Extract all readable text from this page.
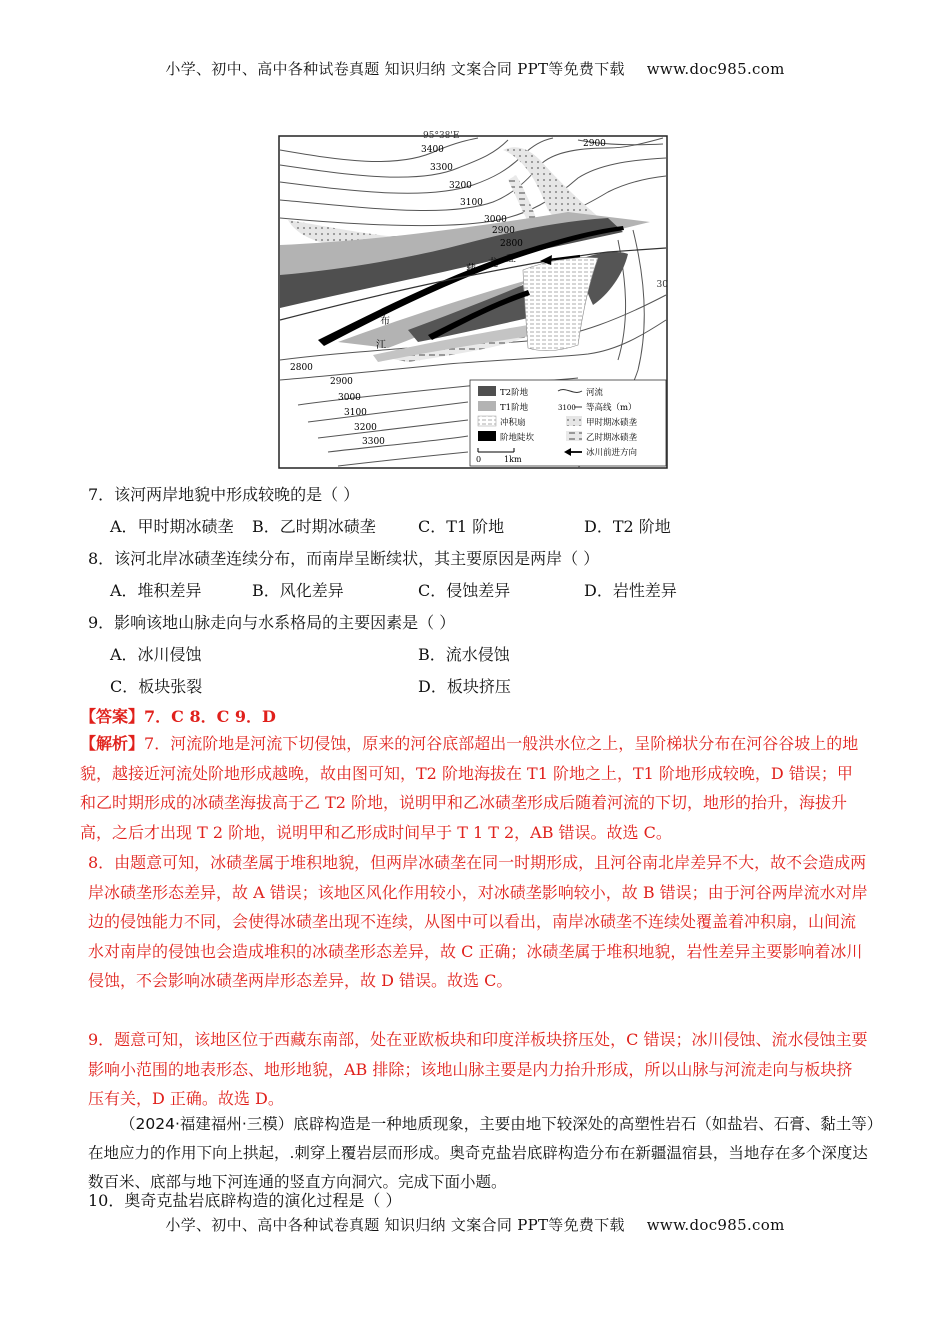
小学、初中、高中各种试卷真题 知识归纳 文案合同 PPT等免费下载 www.doc985.com
95°38'E
30
2900
3400
3300
3200
3100
3000
2900
2800
2800
2900
3000
3100
3200
3300
藏
龙 亚
江
布
T2阶地	河流
T1阶地	3100 等高线（m）
冲积扇	甲时期冰碛垄
阶地陡坎	乙时期冰碛垄
冰川前进方向
0	1km
7．该河两岸地貌中形成较晚的是（ ）
A．甲时期冰碛垄 B．乙时期冰碛垄	C．T1 阶地	D．T2 阶地
8．该河北岸冰碛垄连续分布，而南岸呈断续状，其主要原因是两岸（ ）
A．堆积差异	B．风化差异	C．侵蚀差异	D．岩性差异
9．影响该地山脉走向与水系格局的主要因素是（ ）
A．冰川侵蚀	B．流水侵蚀
C．板块张裂	D．板块挤压
【答案】7．C 8．C 9．D
【解析】7．河流阶地是河流下切侵蚀，原来的河谷底部超出一般洪水位之上，呈阶梯状分布在河谷谷坡上的地貌，越接近河流处阶地形成越晚，故由图可知，T2 阶地海拔在 T1 阶地之上，T1 阶地形成较晚，D 错误；甲和乙时期形成的冰碛垄海拔高于乙 T2 阶地，说明甲和乙冰碛垄形成后随着河流的下切，地形的抬升，海拔升高，之后才出现 T 2 阶地，说明甲和乙形成时间早于 T 1 T 2，AB 错误。故选 C。
8．由题意可知，冰碛垄属于堆积地貌，但两岸冰碛垄在同一时期形成，且河谷南北岸差异不大，故不会造成两岸冰碛垄形态差异，故 A 错误；该地区风化作用较小，对冰碛垄影响较小，故 B 错误；由于河谷两岸流水对岸边的侵蚀能力不同，会使得冰碛垄出现不连续，从图中可以看出，南岸冰碛垄不连续处覆盖着冲积扇，山间流水对南岸的侵蚀也会造成堆积的冰碛垄形态差异，故 C 正确；冰碛垄属于堆积地貌，岩性差异主要影响着冰川侵蚀，不会影响冰碛垄两岸形态差异，故 D 错误。故选 C。
9．题意可知，该地区位于西藏东南部，处在亚欧板块和印度洋板块挤压处，C 错误；冰川侵蚀、流水侵蚀主要影响小范围的地表形态、地形地貌，AB 排除；该地山脉主要是内力抬升形成，所以山脉与河流走向与板块挤压有关，D 正确。故选 D。
（2024·福建福州·三模）底辟构造是一种地质现象，主要由地下较深处的高塑性岩石（如盐岩、石膏、黏土等）在地应力的作用下向上拱起，.刺穿上覆岩层而形成。奥奇克盐岩底辟构造分布在新疆温宿县，当地存在多个深度达数百米、底部与地下河连通的竖直方向洞穴。完成下面小题。
10．奥奇克盐岩底辟构造的演化过程是（ ）
小学、初中、高中各种试卷真题 知识归纳 文案合同 PPT等免费下载 www.doc985.com
